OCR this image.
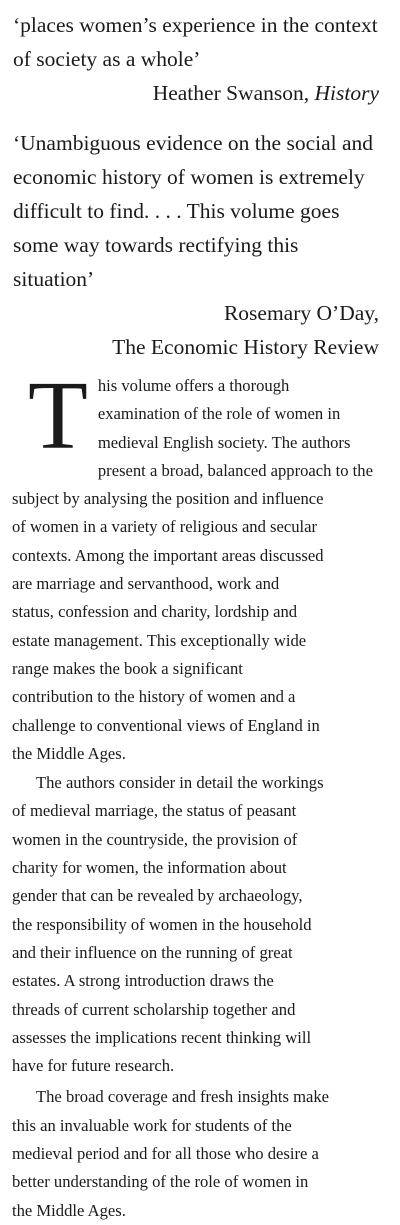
‘places women’s experience in the context of society as a whole’
Heather Swanson, History
‘Unambiguous evidence on the social and economic history of women is extremely difficult to find. . . . This volume goes some way towards rectifying this situation’
Rosemary O’Day,
The Economic History Review

This volume offers a thorough
examination of the role of women in
medieval English society. The authors
present a broad, balanced approach to the
subject by analysing the position and influence
of women in a variety of religious and secular
contexts. Among the important areas discussed
are marriage and servanthood, work and
status, confession and charity, lordship and
estate management. This exceptionally wide
range makes the book a significant
contribution to the history of women and a
challenge to conventional views of England in
the Middle Ages.

The authors consider in detail the workings
of medieval marriage, the status of peasant
women in the countryside, the provision of
charity for women, the information about
gender that can be revealed by archaeology,
the responsibility of women in the household
and their influence on the running of great
estates. A strong introduction draws the
threads of current scholarship together and
assesses the implications recent thinking will
have for future research.

The broad coverage and fresh insights make
this an invaluable work for students of the
medieval period and for all those who desire a
better understanding of the role of women in
the Middle Ages.
